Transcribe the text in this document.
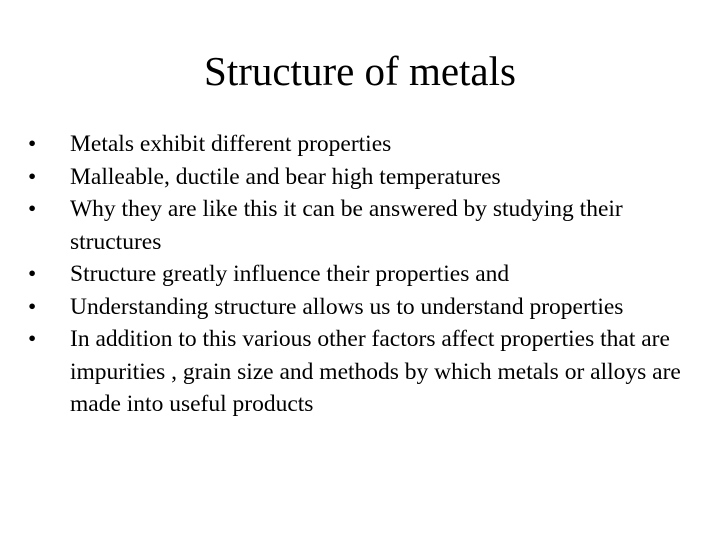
Structure of metals
•	Metals exhibit different properties
•	Malleable, ductile and bear high temperatures
•	Why they are like this it can be answered by studying their structures
•	Structure greatly influence their properties and
•	Understanding structure allows us to understand properties
•	In addition to this various other factors affect properties that are impurities , grain size and methods by which metals or alloys are made into useful products
